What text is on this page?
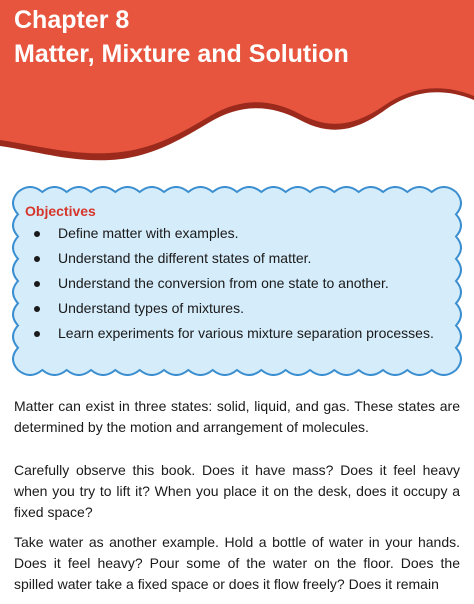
Chapter 8
Matter, Mixture and Solution
Objectives
Define matter with examples.
Understand the different states of matter.
Understand the conversion from one state to another.
Understand types of mixtures.
Learn experiments for various mixture separation processes.

Matter can exist in three states: solid, liquid, and gas. These states are determined by the motion and arrangement of molecules.

Carefully observe this book. Does it have mass? Does it feel heavy when you try to lift it? When you place it on the desk, does it occupy a fixed space?

Take water as another example. Hold a bottle of water in your hands. Does it feel heavy? Pour some of the water on the floor. Does the spilled water take a fixed space or does it flow freely? Does it remain
